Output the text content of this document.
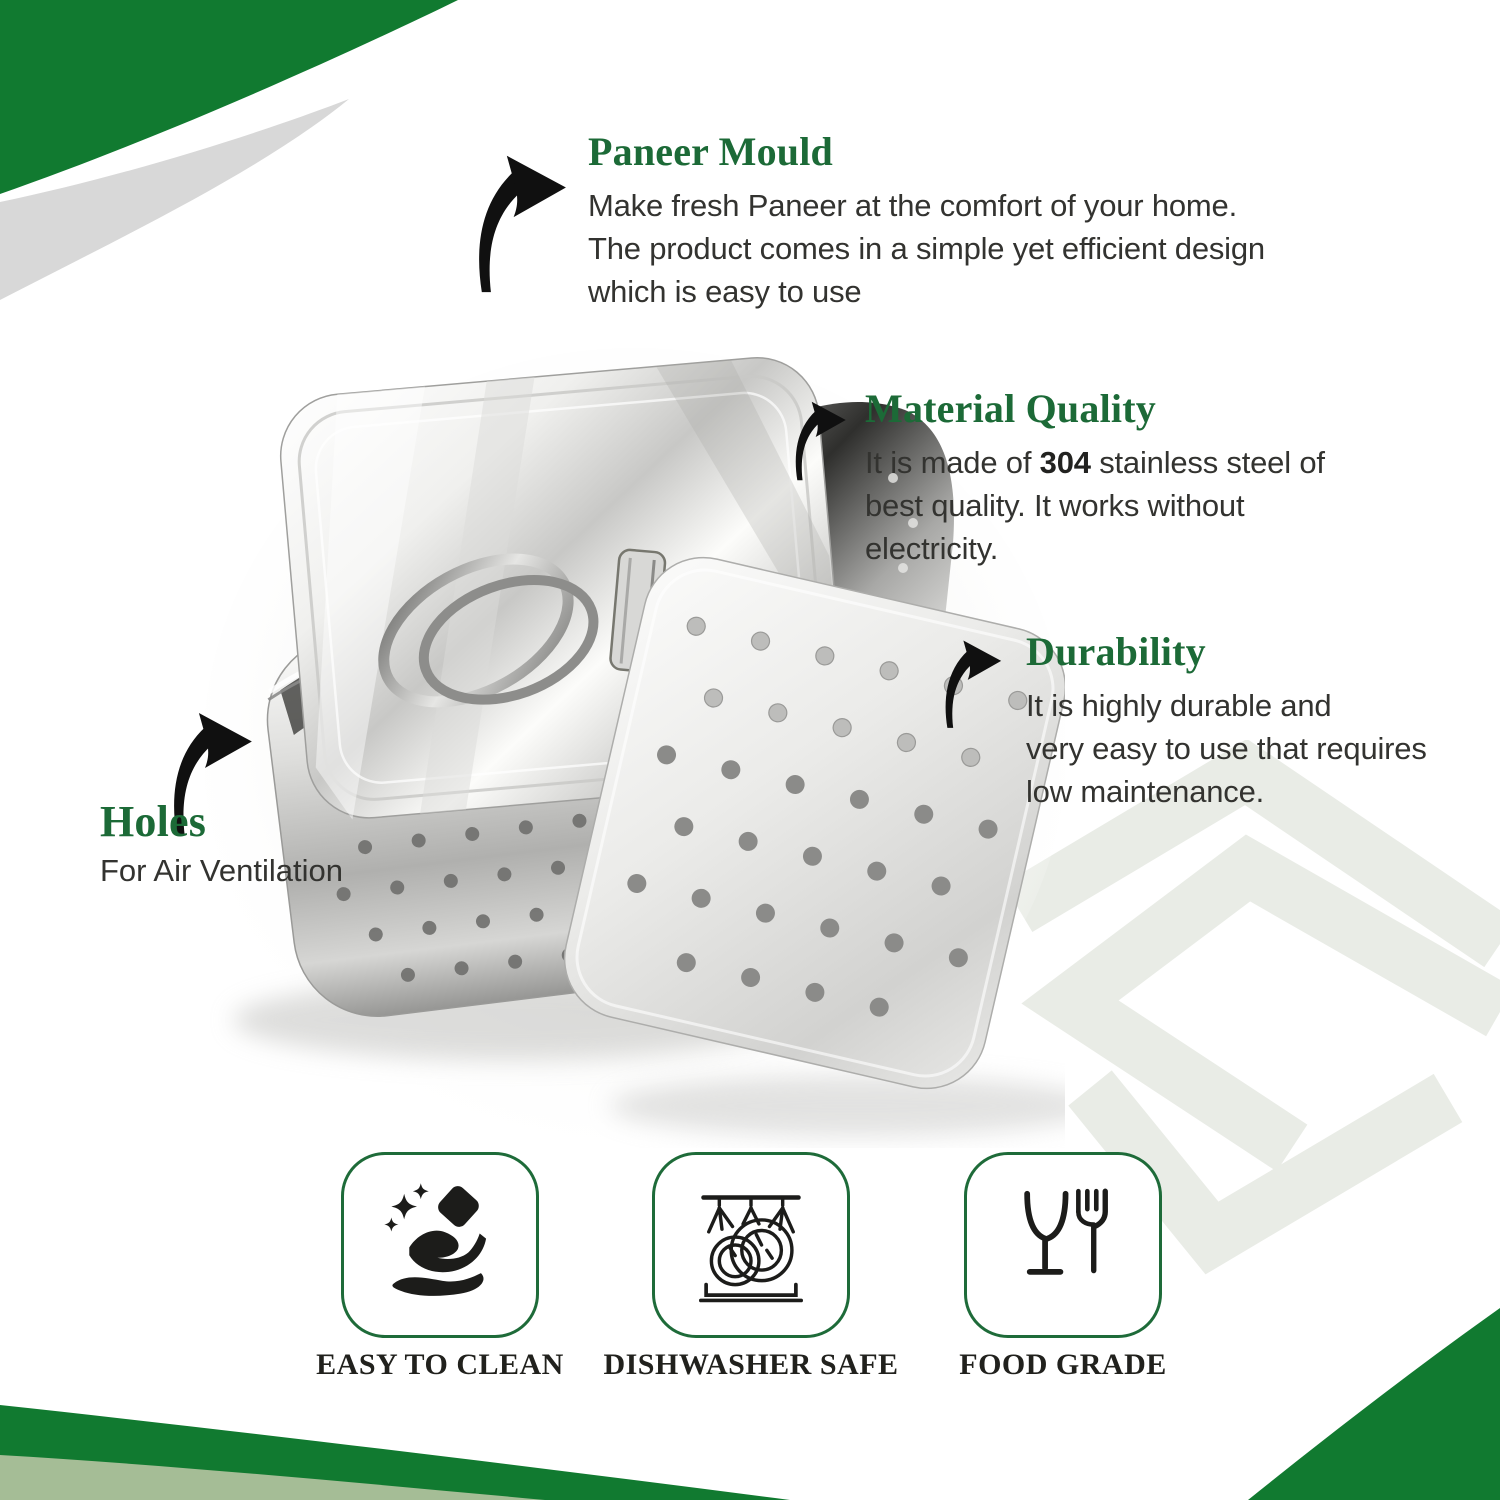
Paneer Mould
Make fresh Paneer at the comfort of your home.
The product comes in a simple yet efficient design
which is easy to use
Material Quality
It is made of 304 stainless steel of
best quality. It works without
electricity.
Durability
It is highly durable and
very easy to use that requires
low maintenance.
Holes
For Air Ventilation
EASY TO CLEAN	DISHWASHER SAFE	FOOD GRADE
